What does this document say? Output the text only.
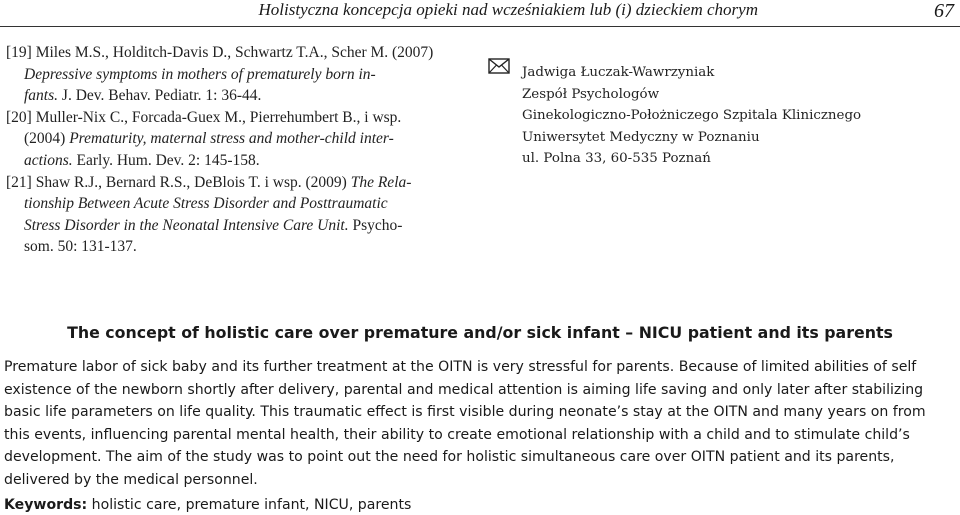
Holistyczna koncepcja opieki nad wcześniakiem lub (i) dzieckiem chorym	67

[19] Miles M.S., Holditch-Davis D., Schwartz T.A., Scher M. (2007)
Depressive symptoms in mothers of prematurely born in-
fants. J. Dev. Behav. Pediatr. 1: 36-44.

[20] Muller-Nix C., Forcada-Guex M., Pierrehumbert B., i wsp.
(2004) Prematurity, maternal stress and mother-child inter-
actions. Early. Hum. Dev. 2: 145-158.

[21] Shaw R.J., Bernard R.S., DeBlois T. i wsp. (2009) The Rela-
tionship Between Acute Stress Disorder and Posttraumatic
Stress Disorder in the Neonatal Intensive Care Unit. Psycho-
som. 50: 131-137.

Jadwiga Łuczak-Wawrzyniak
Zespół Psychologów
Ginekologiczno-Położniczego Szpitala Klinicznego
Uniwersytet Medyczny w Poznaniu
ul. Polna 33, 60-535 Poznań
The concept of holistic care over premature and/or sick infant – NICU patient and its parents
Premature labor of sick baby and its further treatment at the OITN is very stressful for parents. Because of limited abilities of self
existence of the newborn shortly after delivery, parental and medical attention is aiming life saving and only later after stabilizing
basic life parameters on life quality. This traumatic effect is first visible during neonate’s stay at the OITN and many years on from
this events, influencing parental mental health, their ability to create emotional relationship with a child and to stimulate child’s
development. The aim of the study was to point out the need for holistic simultaneous care over OITN patient and its parents,
delivered by the medical personnel.
Keywords: holistic care, premature infant, NICU, parents
